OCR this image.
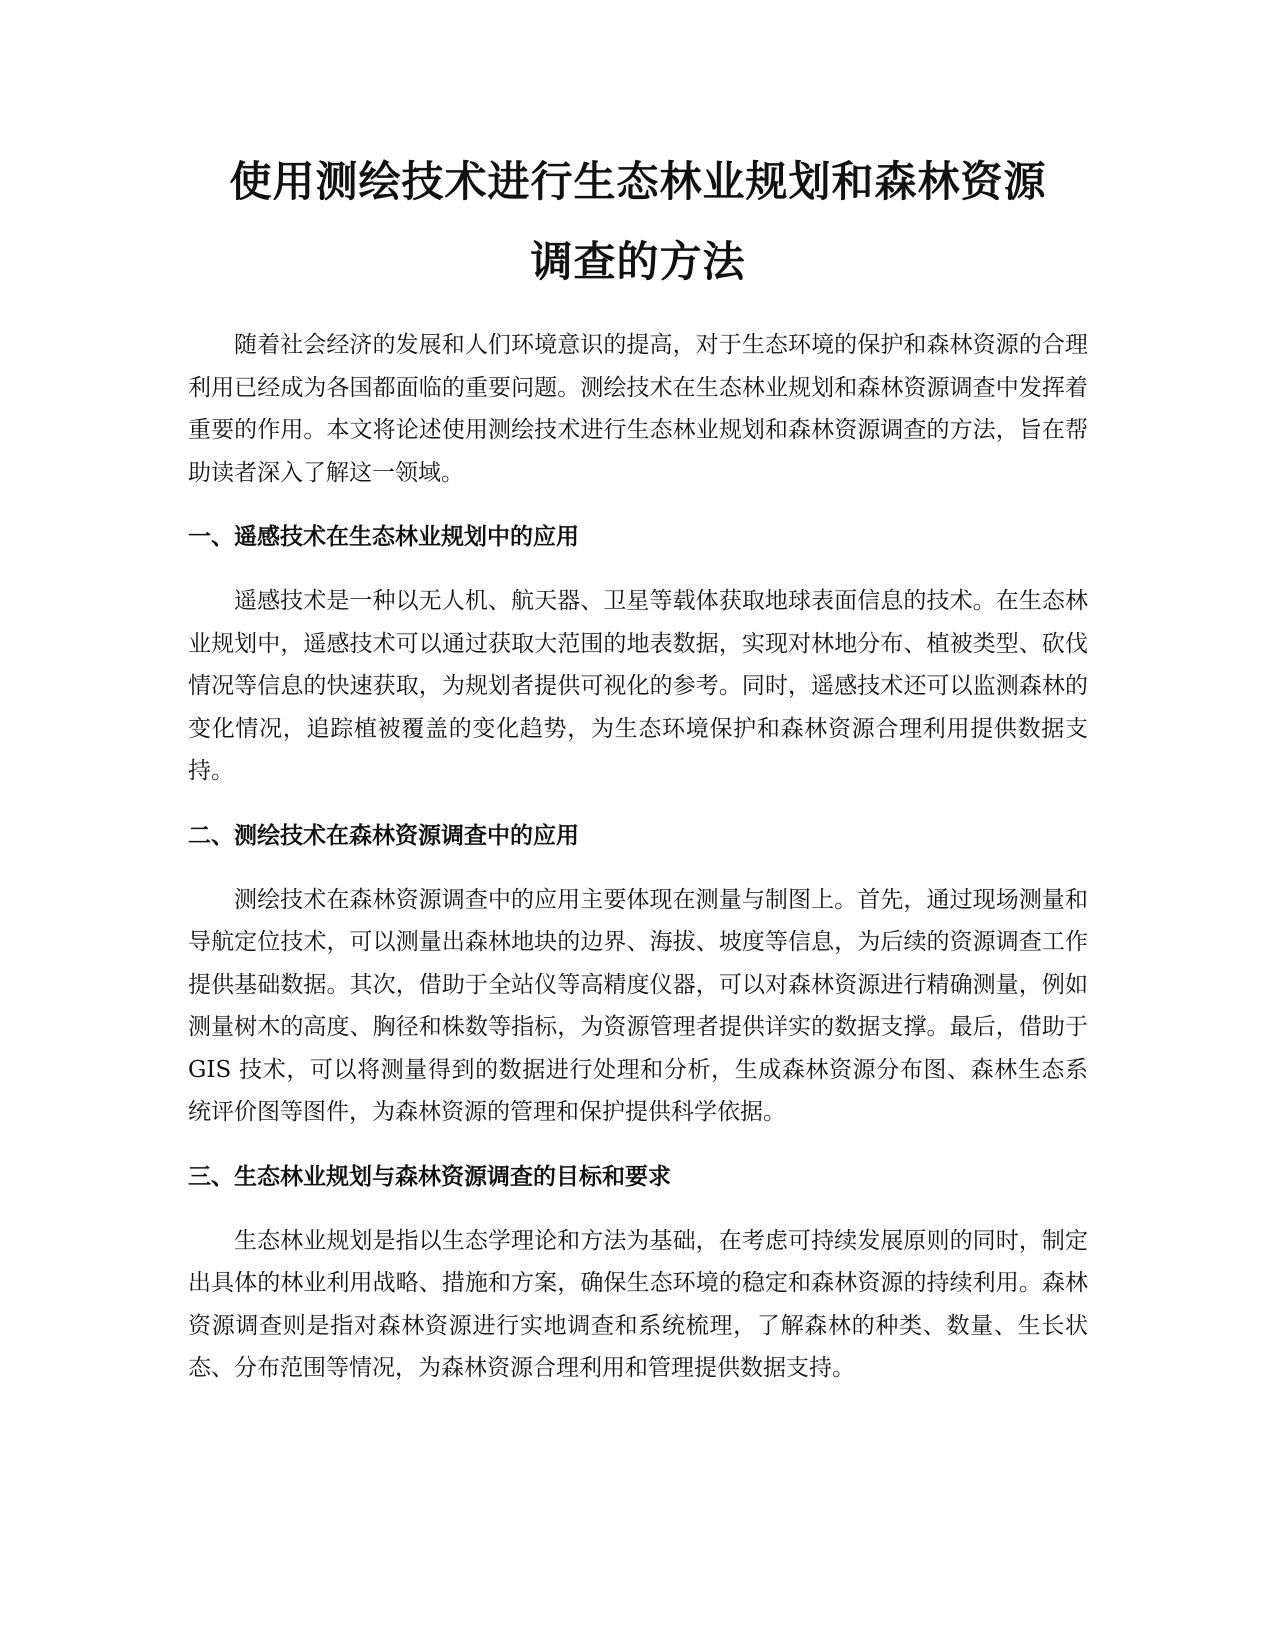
使用测绘技术进行生态林业规划和森林资源
调查的方法

随着社会经济的发展和人们环境意识的提高，对于生态环境的保护和森林资源的合理利用已经成为各国都面临的重要问题。测绘技术在生态林业规划和森林资源调查中发挥着重要的作用。本文将论述使用测绘技术进行生态林业规划和森林资源调查的方法，旨在帮助读者深入了解这一领域。

一、遥感技术在生态林业规划中的应用

遥感技术是一种以无人机、航天器、卫星等载体获取地球表面信息的技术。在生态林业规划中，遥感技术可以通过获取大范围的地表数据，实现对林地分布、植被类型、砍伐情况等信息的快速获取，为规划者提供可视化的参考。同时，遥感技术还可以监测森林的变化情况，追踪植被覆盖的变化趋势，为生态环境保护和森林资源合理利用提供数据支持。

二、测绘技术在森林资源调查中的应用

测绘技术在森林资源调查中的应用主要体现在测量与制图上。首先，通过现场测量和导航定位技术，可以测量出森林地块的边界、海拔、坡度等信息，为后续的资源调查工作提供基础数据。其次，借助于全站仪等高精度仪器，可以对森林资源进行精确测量，例如测量树木的高度、胸径和株数等指标，为资源管理者提供详实的数据支撑。最后，借助于 GIS 技术，可以将测量得到的数据进行处理和分析，生成森林资源分布图、森林生态系统评价图等图件，为森林资源的管理和保护提供科学依据。

三、生态林业规划与森林资源调查的目标和要求

生态林业规划是指以生态学理论和方法为基础，在考虑可持续发展原则的同时，制定出具体的林业利用战略、措施和方案，确保生态环境的稳定和森林资源的持续利用。森林资源调查则是指对森林资源进行实地调查和系统梳理，了解森林的种类、数量、生长状态、分布范围等情况，为森林资源合理利用和管理提供数据支持。
